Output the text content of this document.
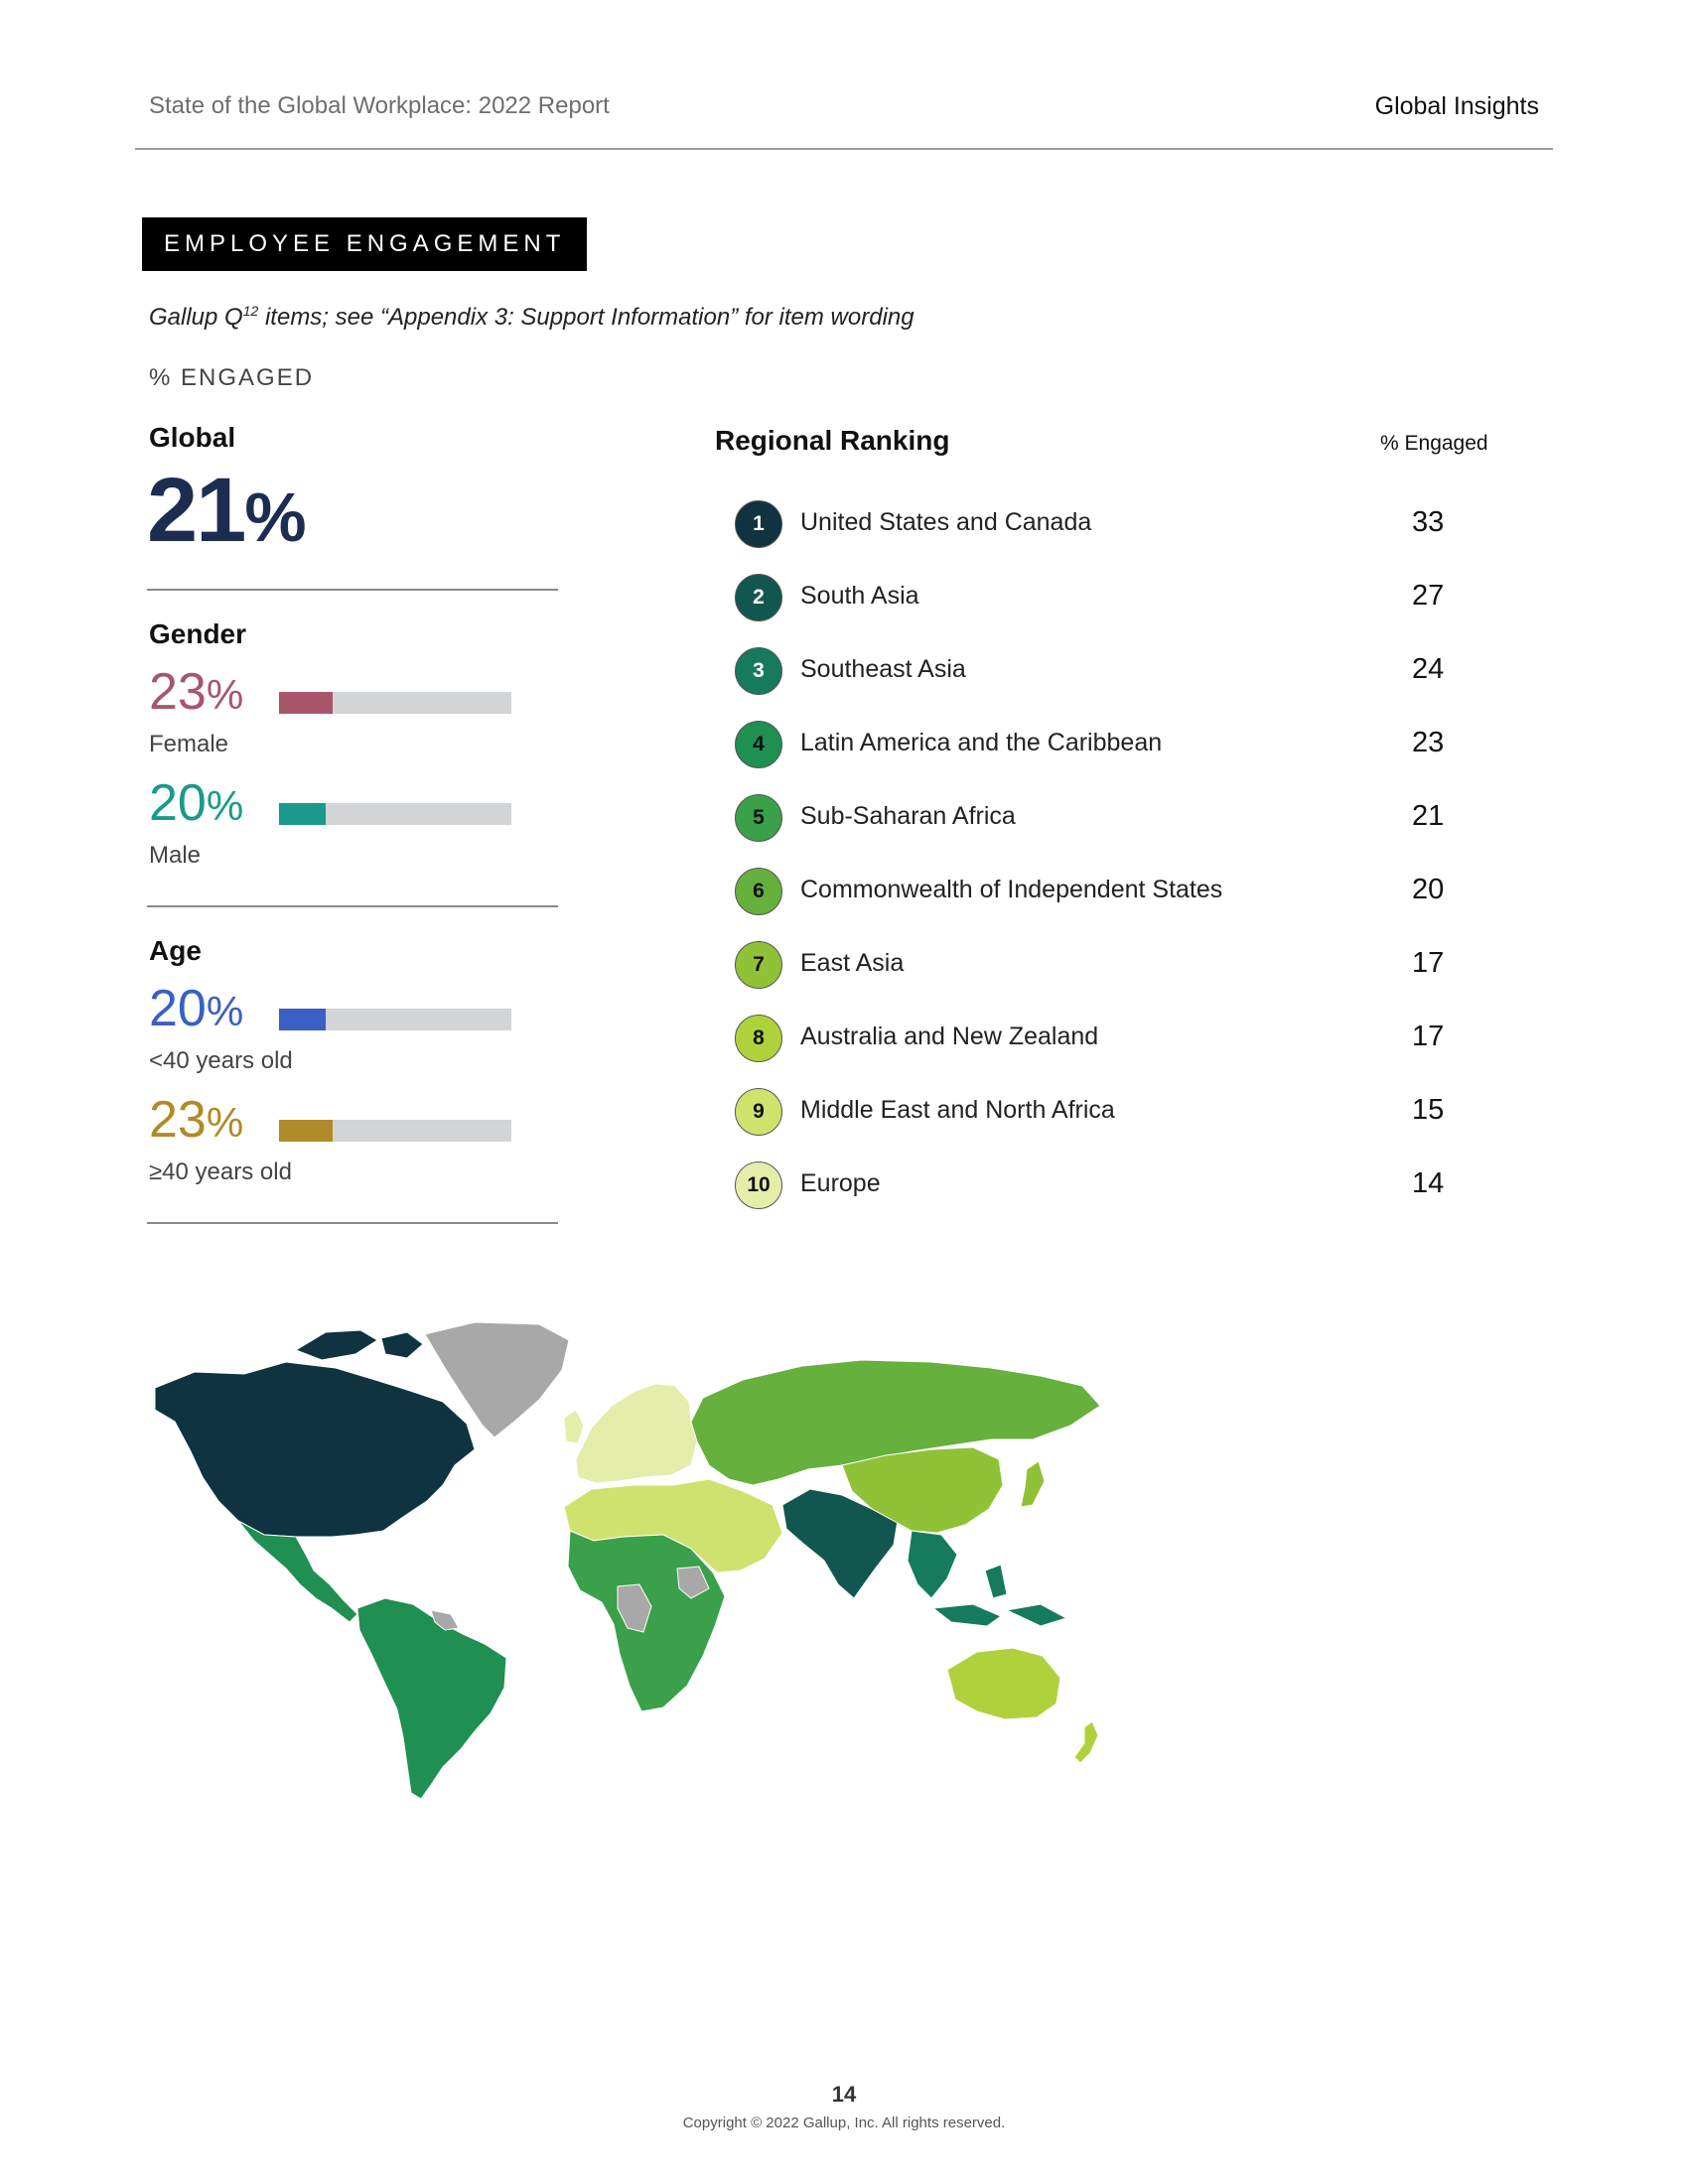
State of the Global Workplace: 2022 Report	Global Insights
EMPLOYEE ENGAGEMENT
Gallup $Q^{12}$ items; see “Appendix 3: Support Information” for item wording
% ENGAGED
Global
21%
Gender
23%
Female
20%
Male
Age
20%
<40 years old
23%
≥40 years old
Regional Ranking	% Engaged
1	United States and Canada	33
2	South Asia	27
3	Southeast Asia	24
4	Latin America and the Caribbean	23
5	Sub-Saharan Africa	21
6	Commonwealth of Independent States	20
7	East Asia	17
8	Australia and New Zealand	17
9	Middle East and North Africa	15
10	Europe	14
14
Copyright © 2022 Gallup, Inc. All rights reserved.
